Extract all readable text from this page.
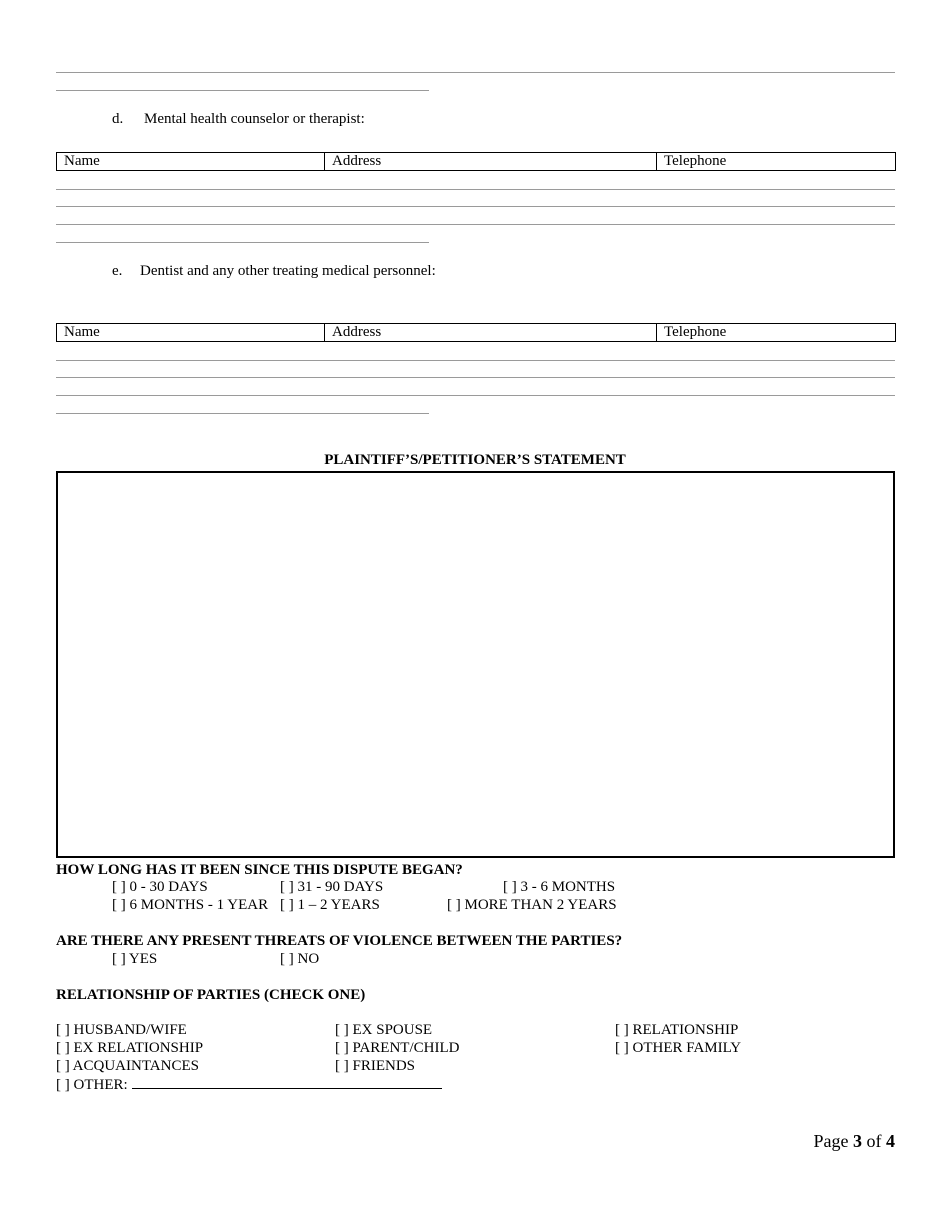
d. Mental health counselor or therapist:
Name	Address	Telephone
e. Dentist and any other treating medical personnel:
Name	Address	Telephone
PLAINTIFF’S/PETITIONER’S STATEMENT
HOW LONG HAS IT BEEN SINCE THIS DISPUTE BEGAN?
[ ] 0 - 30 DAYS	[ ] 31 - 90 DAYS	[ ] 3 - 6 MONTHS
[ ] 6 MONTHS - 1 YEAR [ ] 1 – 2 YEARS	[ ] MORE THAN 2 YEARS
ARE THERE ANY PRESENT THREATS OF VIOLENCE BETWEEN THE PARTIES?
[ ] YES	[ ] NO
RELATIONSHIP OF PARTIES (CHECK ONE)
[ ] HUSBAND/WIFE	[ ] EX SPOUSE	[ ] RELATIONSHIP
[ ] EX RELATIONSHIP	[ ] PARENT/CHILD	[ ] OTHER FAMILY
[ ] ACQUAINTANCES	[ ] FRIENDS
[ ] OTHER:
Page 3 of 4
